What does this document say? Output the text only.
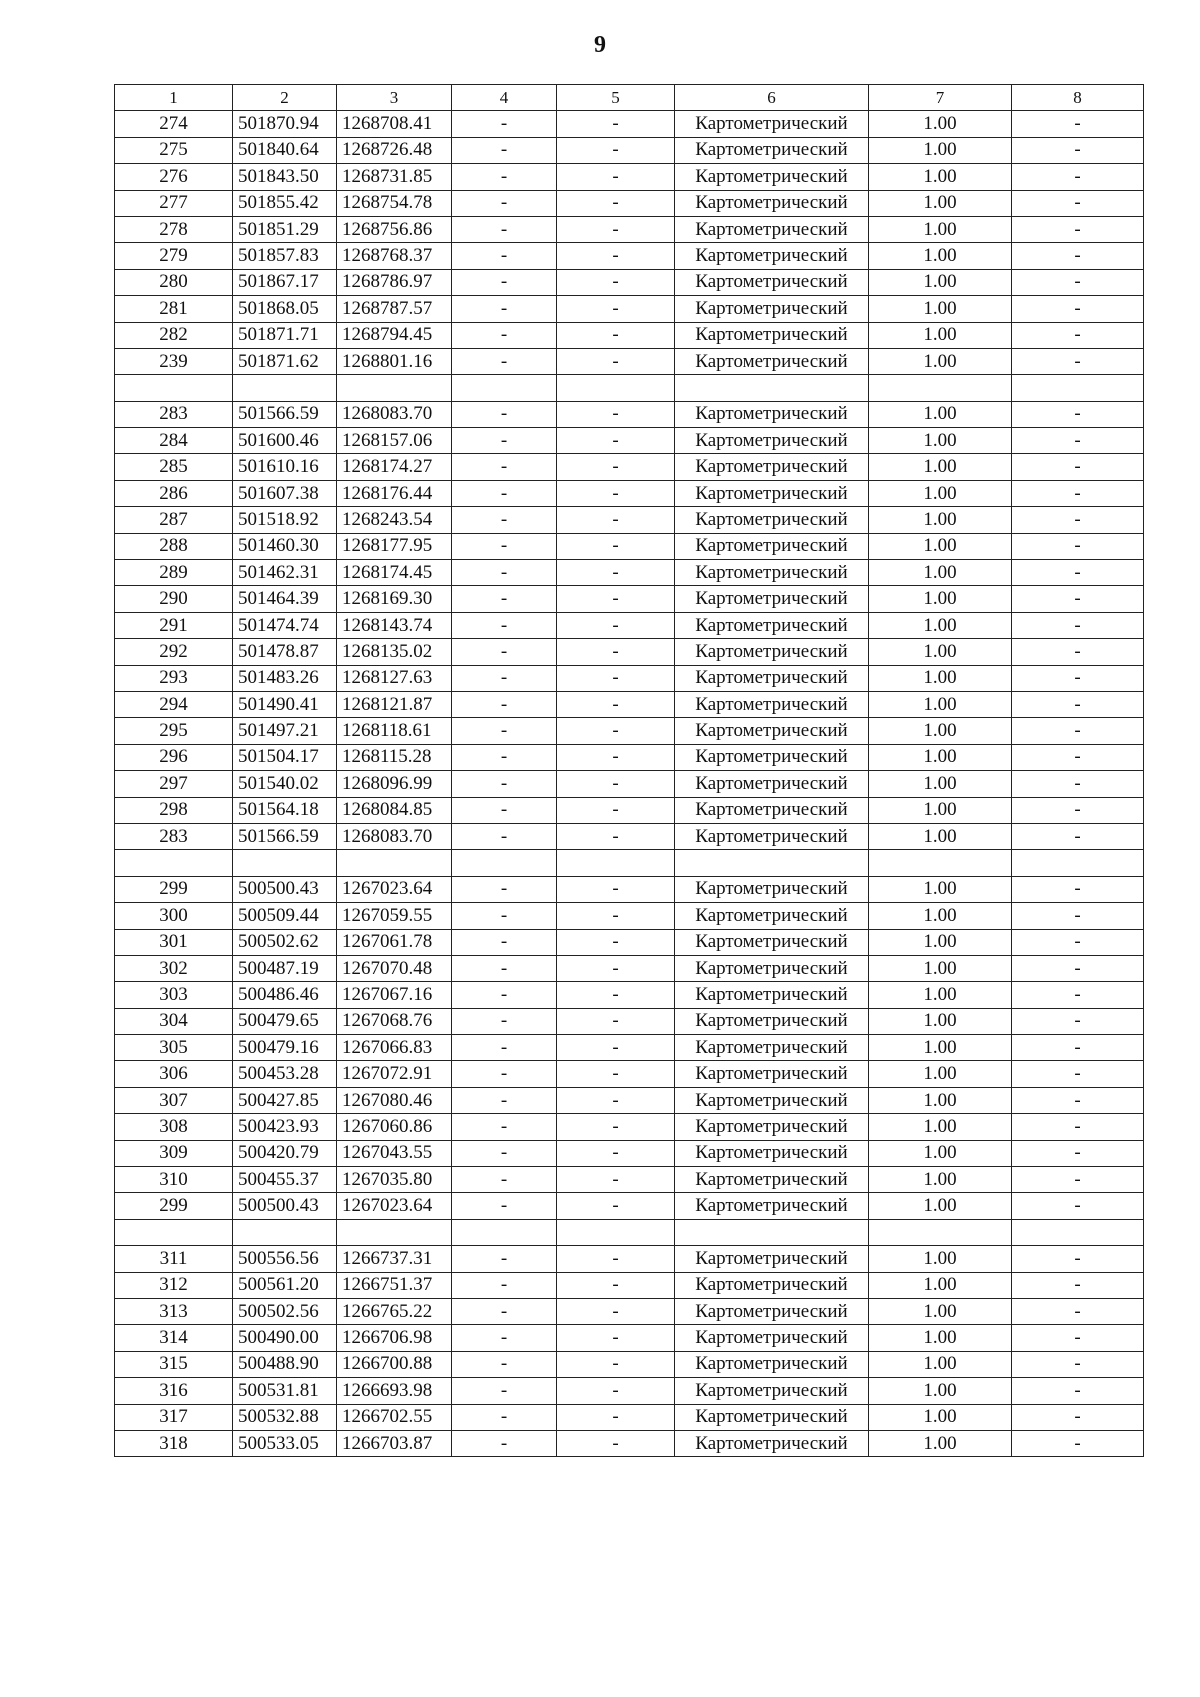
9
1	2	3	4	5	6	7	8
274	501870.94	1268708.41	-	-	Картометрический	1.00	-
275	501840.64	1268726.48	-	-	Картометрический	1.00	-
276	501843.50	1268731.85	-	-	Картометрический	1.00	-
277	501855.42	1268754.78	-	-	Картометрический	1.00	-
278	501851.29	1268756.86	-	-	Картометрический	1.00	-
279	501857.83	1268768.37	-	-	Картометрический	1.00	-
280	501867.17	1268786.97	-	-	Картометрический	1.00	-
281	501868.05	1268787.57	-	-	Картометрический	1.00	-
282	501871.71	1268794.45	-	-	Картометрический	1.00	-
239	501871.62	1268801.16	-	-	Картометрический	1.00	-

283	501566.59	1268083.70	-	-	Картометрический	1.00	-
284	501600.46	1268157.06	-	-	Картометрический	1.00	-
285	501610.16	1268174.27	-	-	Картометрический	1.00	-
286	501607.38	1268176.44	-	-	Картометрический	1.00	-
287	501518.92	1268243.54	-	-	Картометрический	1.00	-
288	501460.30	1268177.95	-	-	Картометрический	1.00	-
289	501462.31	1268174.45	-	-	Картометрический	1.00	-
290	501464.39	1268169.30	-	-	Картометрический	1.00	-
291	501474.74	1268143.74	-	-	Картометрический	1.00	-
292	501478.87	1268135.02	-	-	Картометрический	1.00	-
293	501483.26	1268127.63	-	-	Картометрический	1.00	-
294	501490.41	1268121.87	-	-	Картометрический	1.00	-
295	501497.21	1268118.61	-	-	Картометрический	1.00	-
296	501504.17	1268115.28	-	-	Картометрический	1.00	-
297	501540.02	1268096.99	-	-	Картометрический	1.00	-
298	501564.18	1268084.85	-	-	Картометрический	1.00	-
283	501566.59	1268083.70	-	-	Картометрический	1.00	-

299	500500.43	1267023.64	-	-	Картометрический	1.00	-
300	500509.44	1267059.55	-	-	Картометрический	1.00	-
301	500502.62	1267061.78	-	-	Картометрический	1.00	-
302	500487.19	1267070.48	-	-	Картометрический	1.00	-
303	500486.46	1267067.16	-	-	Картометрический	1.00	-
304	500479.65	1267068.76	-	-	Картометрический	1.00	-
305	500479.16	1267066.83	-	-	Картометрический	1.00	-
306	500453.28	1267072.91	-	-	Картометрический	1.00	-
307	500427.85	1267080.46	-	-	Картометрический	1.00	-
308	500423.93	1267060.86	-	-	Картометрический	1.00	-
309	500420.79	1267043.55	-	-	Картометрический	1.00	-
310	500455.37	1267035.80	-	-	Картометрический	1.00	-
299	500500.43	1267023.64	-	-	Картометрический	1.00	-

311	500556.56	1266737.31	-	-	Картометрический	1.00	-
312	500561.20	1266751.37	-	-	Картометрический	1.00	-
313	500502.56	1266765.22	-	-	Картометрический	1.00	-
314	500490.00	1266706.98	-	-	Картометрический	1.00	-
315	500488.90	1266700.88	-	-	Картометрический	1.00	-
316	500531.81	1266693.98	-	-	Картометрический	1.00	-
317	500532.88	1266702.55	-	-	Картометрический	1.00	-
318	500533.05	1266703.87	-	-	Картометрический	1.00	-
